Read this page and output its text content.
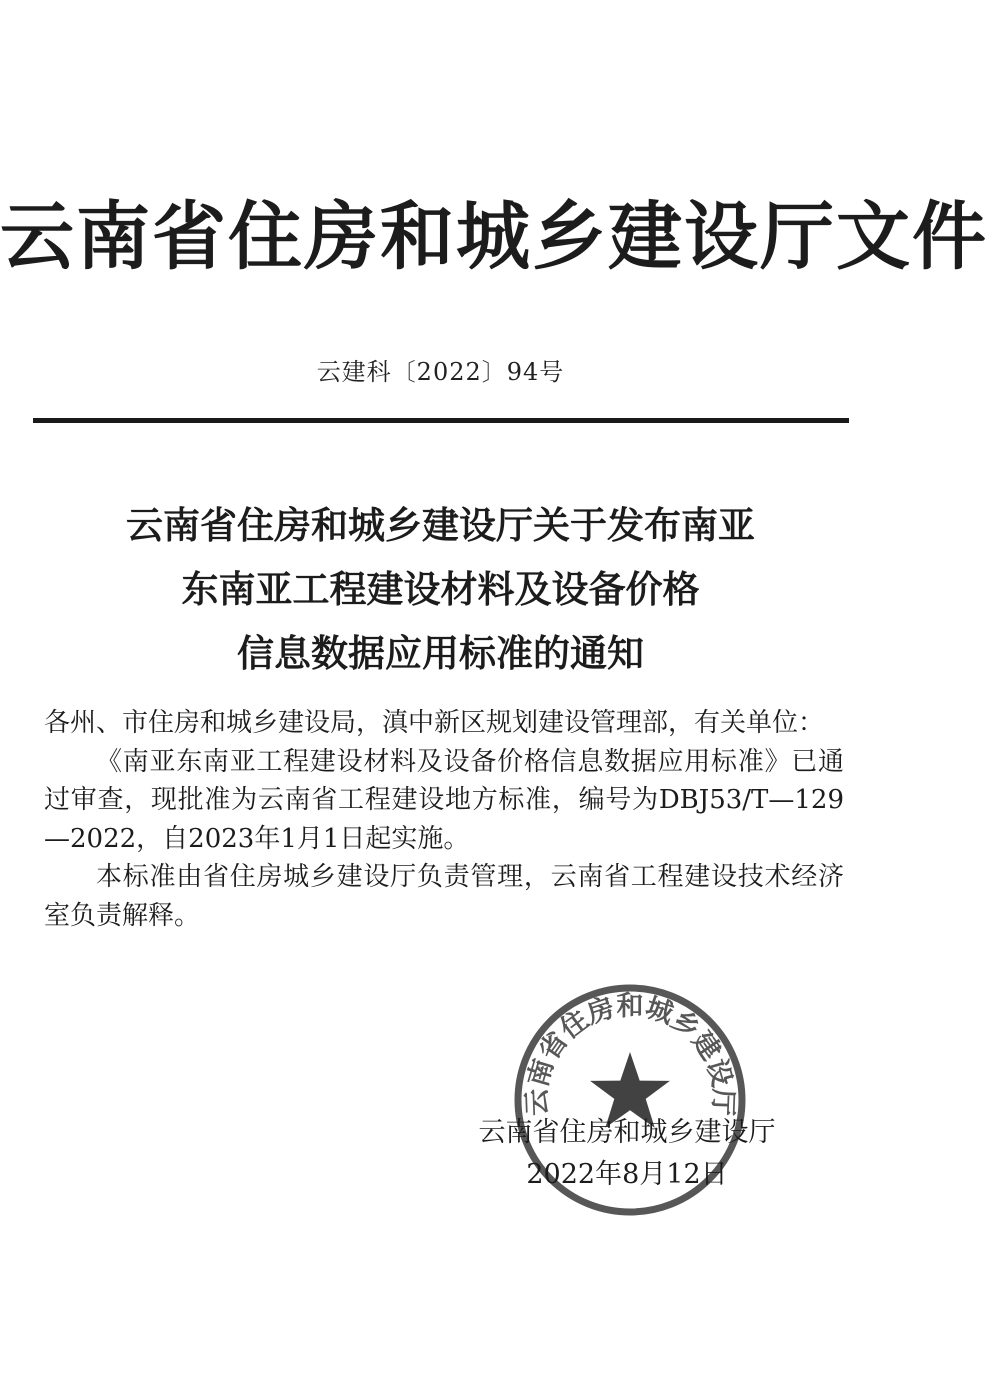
云南省住房和城乡建设厅文件
云建科〔2022〕94号
云南省住房和城乡建设厅关于发布南亚
东南亚工程建设材料及设备价格
信息数据应用标准的通知

各州、市住房和城乡建设局，滇中新区规划建设管理部，有关单位：

《南亚东南亚工程建设材料及设备价格信息数据应用标准》已通过审查，现批准为云南省工程建设地方标准，编号为DBJ53/T—129—2022，自2023年1月1日起实施。

本标准由省住房城乡建设厅负责管理，云南省工程建设技术经济室负责解释。

云南省住房和城乡建设厅
云南省住房和城乡建设厅
2022年8月12日
